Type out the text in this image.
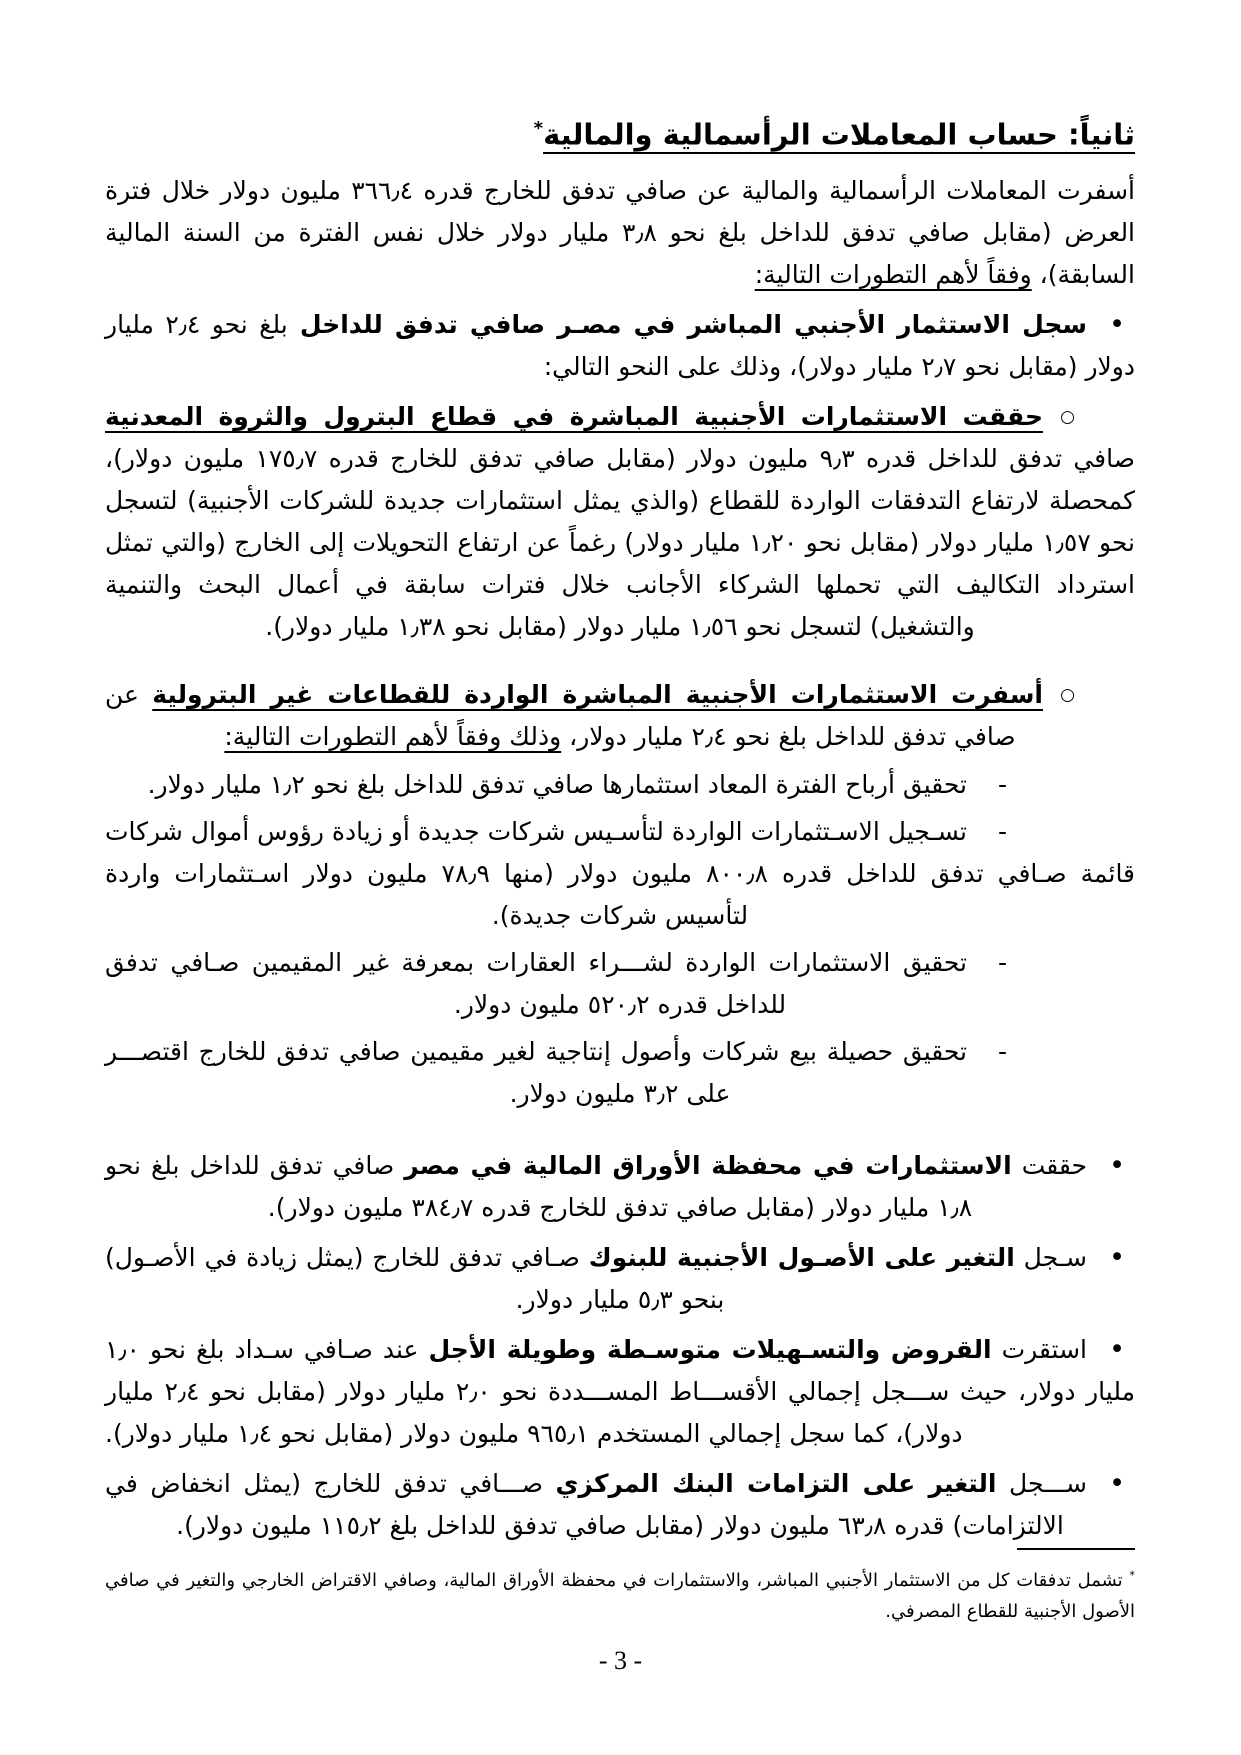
ثانياً: حساب المعاملات الرأسمالية والمالية*
أسفرت المعاملات الرأسمالية والمالية عن صافي تدفق للخارج قدره ٣٦٦٫٤ مليون دولار خلال فترة العرض (مقابل صافي تدفق للداخل بلغ نحو ٣٫٨ مليار دولار خلال نفس الفترة من السنة المالية السابقة)، وفقاً لأهم التطورات التالية:
•
سجل الاستثمار الأجنبي المباشر في مصـر صافي تدفق للداخل بلغ نحو ٢٫٤ مليار دولار (مقابل نحو ٢٫٧ مليار دولار)، وذلك على النحو التالي:
○
حققت الاستثمارات الأجنبية المباشرة في قطاع البترول والثروة المعدنية صافي تدفق للداخل قدره ٩٫٣ مليون دولار (مقابل صافي تدفق للخارج قدره ١٧٥٫٧ مليون دولار)، كمحصلة لارتفاع التدفقات الواردة للقطاع (والذي يمثل استثمارات جديدة للشركات الأجنبية) لتسجل نحو ١٫٥٧ مليار دولار (مقابل نحو ١٫٢٠ مليار دولار) رغماً عن ارتفاع التحويلات إلى الخارج (والتي تمثل استرداد التكاليف التي تحملها الشركاء الأجانب خلال فترات سابقة في أعمال البحث والتنمية والتشغيل) لتسجل نحو ١٫٥٦ مليار دولار (مقابل نحو ١٫٣٨ مليار دولار).
○
أسفرت الاستثمارات الأجنبية المباشرة الواردة للقطاعات غير البترولية عن صافي تدفق للداخل بلغ نحو ٢٫٤ مليار دولار، وذلك وفقاً لأهم التطورات التالية:
-
تحقيق أرباح الفترة المعاد استثمارها صافي تدفق للداخل بلغ نحو ١٫٢ مليار دولار.
-
تسـجيل الاسـتثمارات الواردة لتأسـيس شركات جديدة أو زيادة رؤوس أموال شركات قائمة صـافي تدفق للداخل قدره ٨٠٠٫٨ مليون دولار (منها ٧٨٫٩ مليون دولار اسـتثمارات واردة لتأسيس شركات جديدة).
-
تحقيق الاستثمارات الواردة لشـــراء العقارات بمعرفة غير المقيمين صـافي تدفق للداخل قدره ٥٢٠٫٢ مليون دولار.
-
تحقيق حصيلة بيع شركات وأصول إنتاجية لغير مقيمين صافي تدفق للخارج اقتصـــر على ٣٫٢ مليون دولار.
•
حققت الاستثمارات في محفظة الأوراق المالية في مصر صافي تدفق للداخل بلغ نحو ١٫٨ مليار دولار (مقابل صافي تدفق للخارج قدره ٣٨٤٫٧ مليون دولار).
•
سـجل التغير على الأصـول الأجنبية للبنوك صـافي تدفق للخارج (يمثل زيادة في الأصـول) بنحو ٥٫٣ مليار دولار.
•
استقرت القروض والتسـهيلات متوسـطة وطويلة الأجل عند صـافي سـداد بلغ نحو ١٫٠ مليار دولار، حيث ســـجل إجمالي الأقســـاط المســـددة نحو ٢٫٠ مليار دولار (مقابل نحو ٢٫٤ مليار دولار)، كما سجل إجمالي المستخدم ٩٦٥٫١ مليون دولار (مقابل نحو ١٫٤ مليار دولار).
•
ســـجل التغير على التزامات البنك المركزي صـــافي تدفق للخارج (يمثل انخفاض في الالتزامات) قدره ٦٣٫٨ مليون دولار (مقابل صافي تدفق للداخل بلغ ١١٥٫٢ مليون دولار).
* تشمل تدفقات كل من الاستثمار الأجنبي المباشر، والاستثمارات في محفظة الأوراق المالية، وصافي الاقتراض الخارجي والتغير في صافي الأصول الأجنبية للقطاع المصرفي.
- 3 -
